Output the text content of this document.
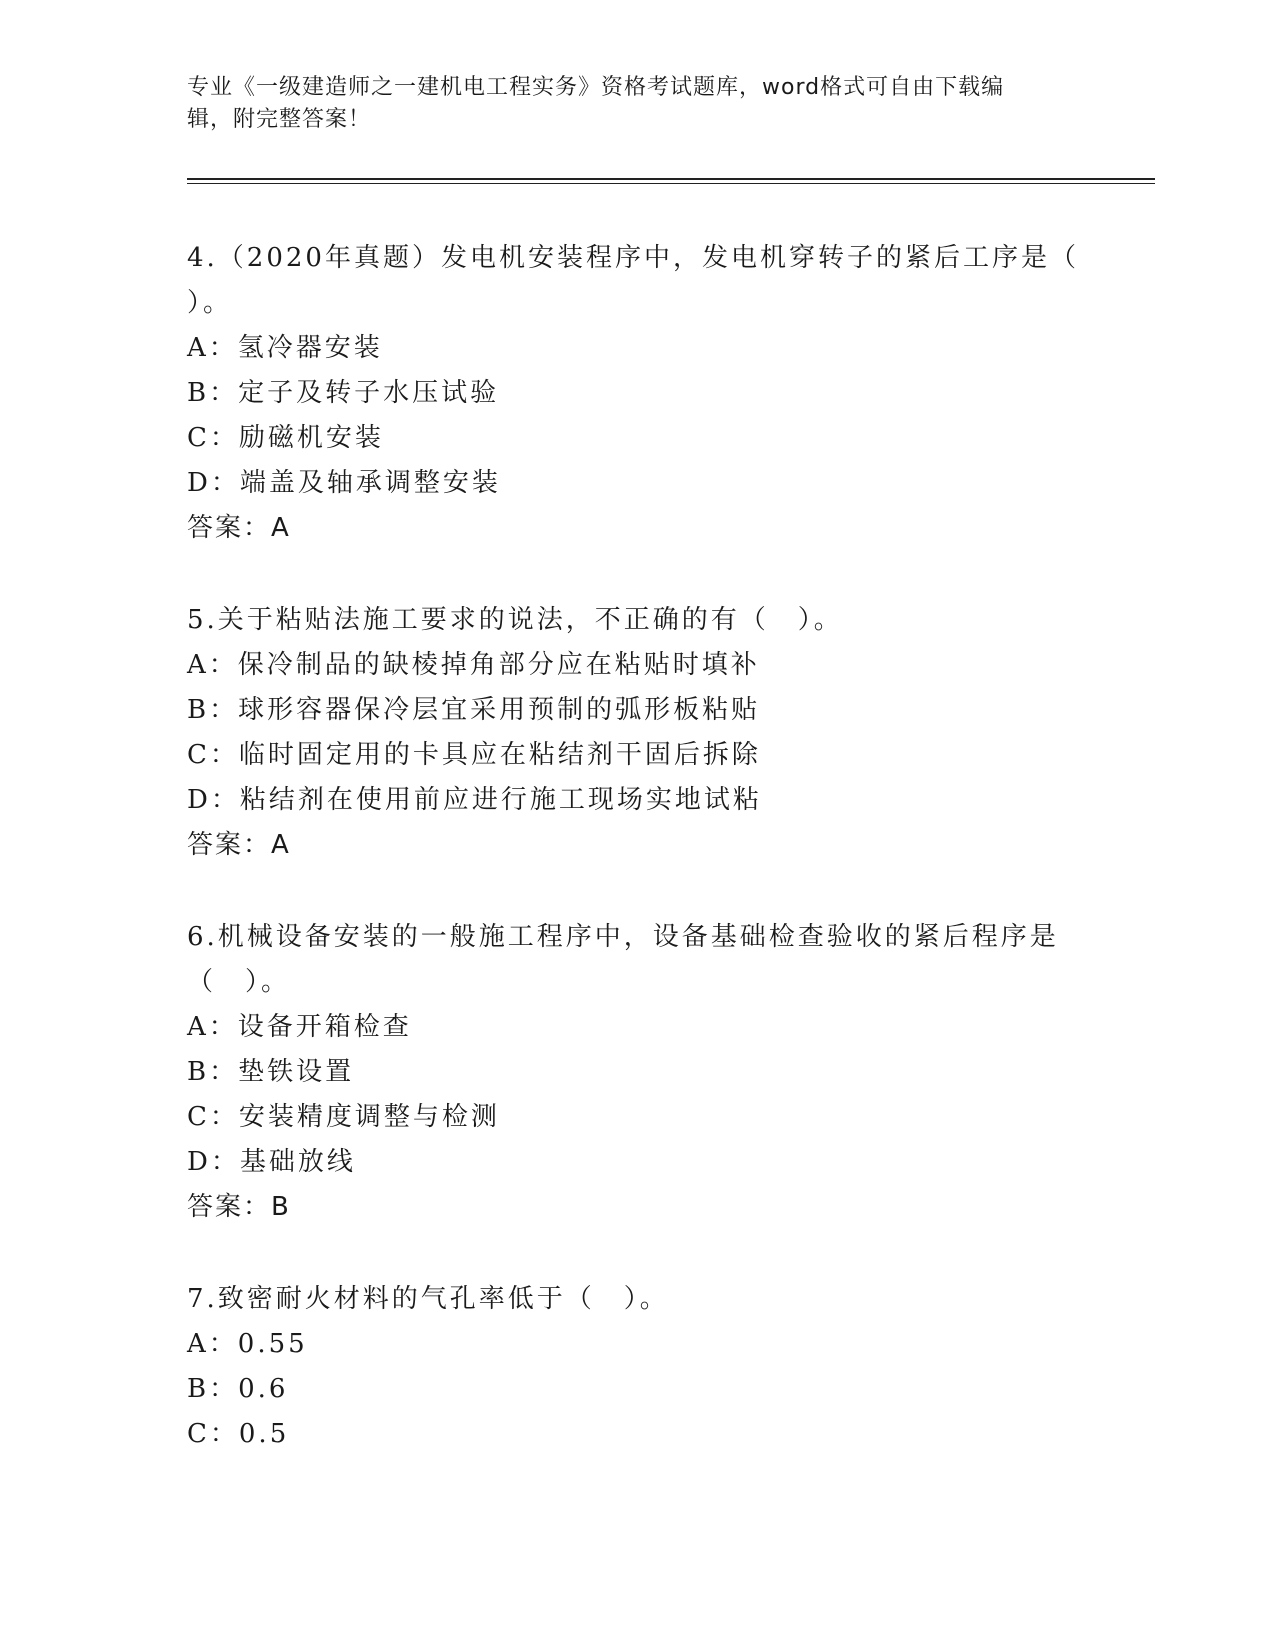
专业《一级建造师之一建机电工程实务》资格考试题库，word格式可自由下载编
辑，附完整答案！
4.（2020年真题）发电机安装程序中，发电机穿转子的紧后工序是（
）。
A：氢冷器安装
B：定子及转子水压试验
C：励磁机安装
D：端盖及轴承调整安装
答案：A
5.关于粘贴法施工要求的说法，不正确的有（　）。
A：保冷制品的缺棱掉角部分应在粘贴时填补
B：球形容器保冷层宜采用预制的弧形板粘贴
C：临时固定用的卡具应在粘结剂干固后拆除
D：粘结剂在使用前应进行施工现场实地试粘
答案：A
6.机械设备安装的一般施工程序中，设备基础检查验收的紧后程序是
（　）。
A：设备开箱检查
B：垫铁设置
C：安装精度调整与检测
D：基础放线
答案：B
7.致密耐火材料的气孔率低于（　）。
A：0.55
B：0.6
C：0.5
